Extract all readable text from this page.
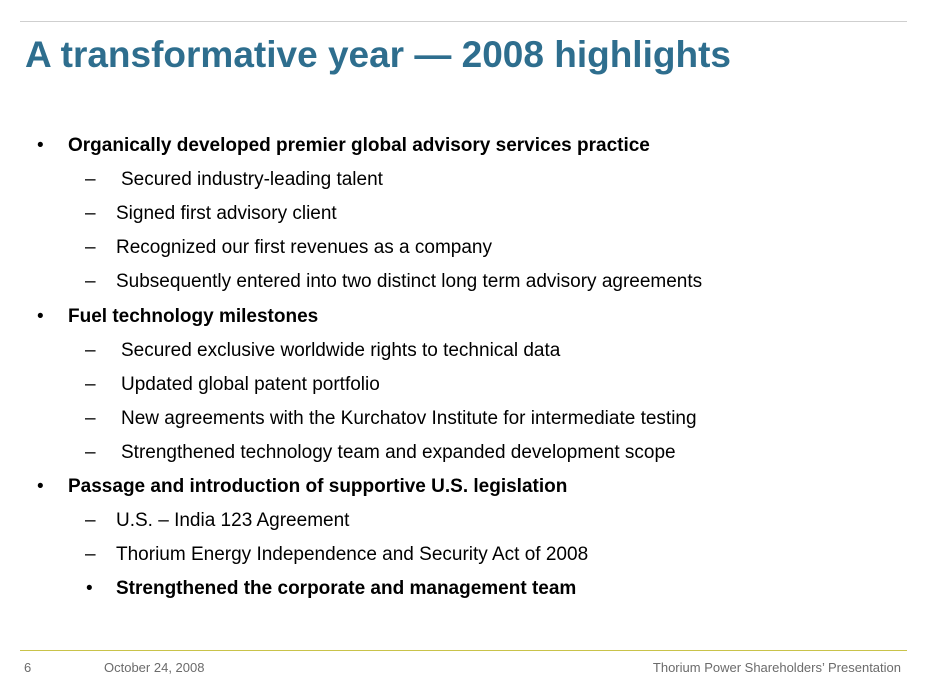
A transformative year — 2008 highlights
• Organically developed premier global advisory services practice
– Secured industry-leading talent
– Signed first advisory client
– Recognized our first revenues as a company
– Subsequently entered into two distinct long term advisory agreements
• Fuel technology milestones
– Secured exclusive worldwide rights to technical data
– Updated global patent portfolio
– New agreements with the Kurchatov Institute for intermediate testing
– Strengthened technology team and expanded development scope
• Passage and introduction of supportive U.S. legislation
– U.S. – India 123 Agreement
– Thorium Energy Independence and Security Act of 2008
• Strengthened the corporate and management team
6	October 24, 2008	Thorium Power Shareholders’ Presentation
